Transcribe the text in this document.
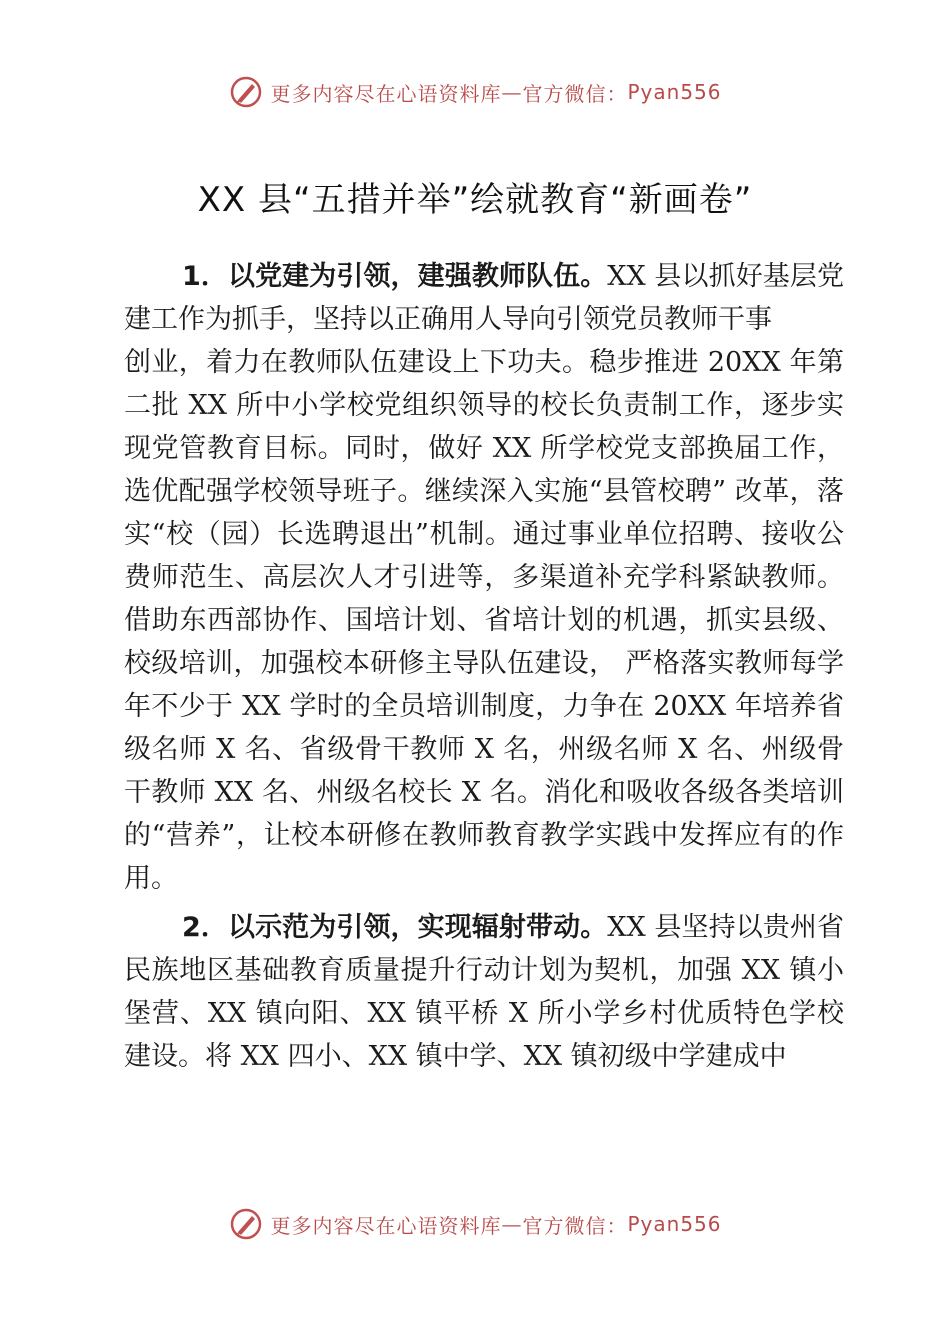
更多内容尽在心语资料库 — 官方微信： Pyan556
XX 县“五措并举”绘就教育“新画卷”

1．以党建为引领，建强教师队伍。XX 县以抓好基层党建工作为抓手，坚持以正确用人导向引领党员教师干事

创业，着力在教师队伍建设上下功夫。稳步推进 20XX 年第二批 XX 所中小学校党组织领导的校长负责制工作，逐步实现党管教育目标。同时，做好 XX 所学校党支部换届工作，选优配强学校领导班子。继续深入实施“县管校聘” 改革，落实“校（园）长选聘退出”机制。通过事业单位招聘、接收公费师范生、高层次人才引进等，多渠道补充学科紧缺教师。借助东西部协作、国培计划、省培计划的机遇，抓实县级、校级培训，加强校本研修主导队伍建设， 严格落实教师每学年不少于 XX 学时的全员培训制度，力争在 20XX 年培养省级名师 X 名、省级骨干教师 X 名，州级名师 X 名、州级骨干教师 XX 名、州级名校长 X 名。消化和吸收各级各类培训的“营养”，让校本研修在教师教育教学实践中发挥应有的作用。

2．以示范为引领，实现辐射带动。XX 县坚持以贵州省民族地区基础教育质量提升行动计划为契机，加强 XX 镇小堡营、XX 镇向阳、XX 镇平桥 X 所小学乡村优质特色学校建设。将 XX 四小、XX 镇中学、XX 镇初级中学建成中

更多内容尽在心语资料库 — 官方微信： Pyan556
